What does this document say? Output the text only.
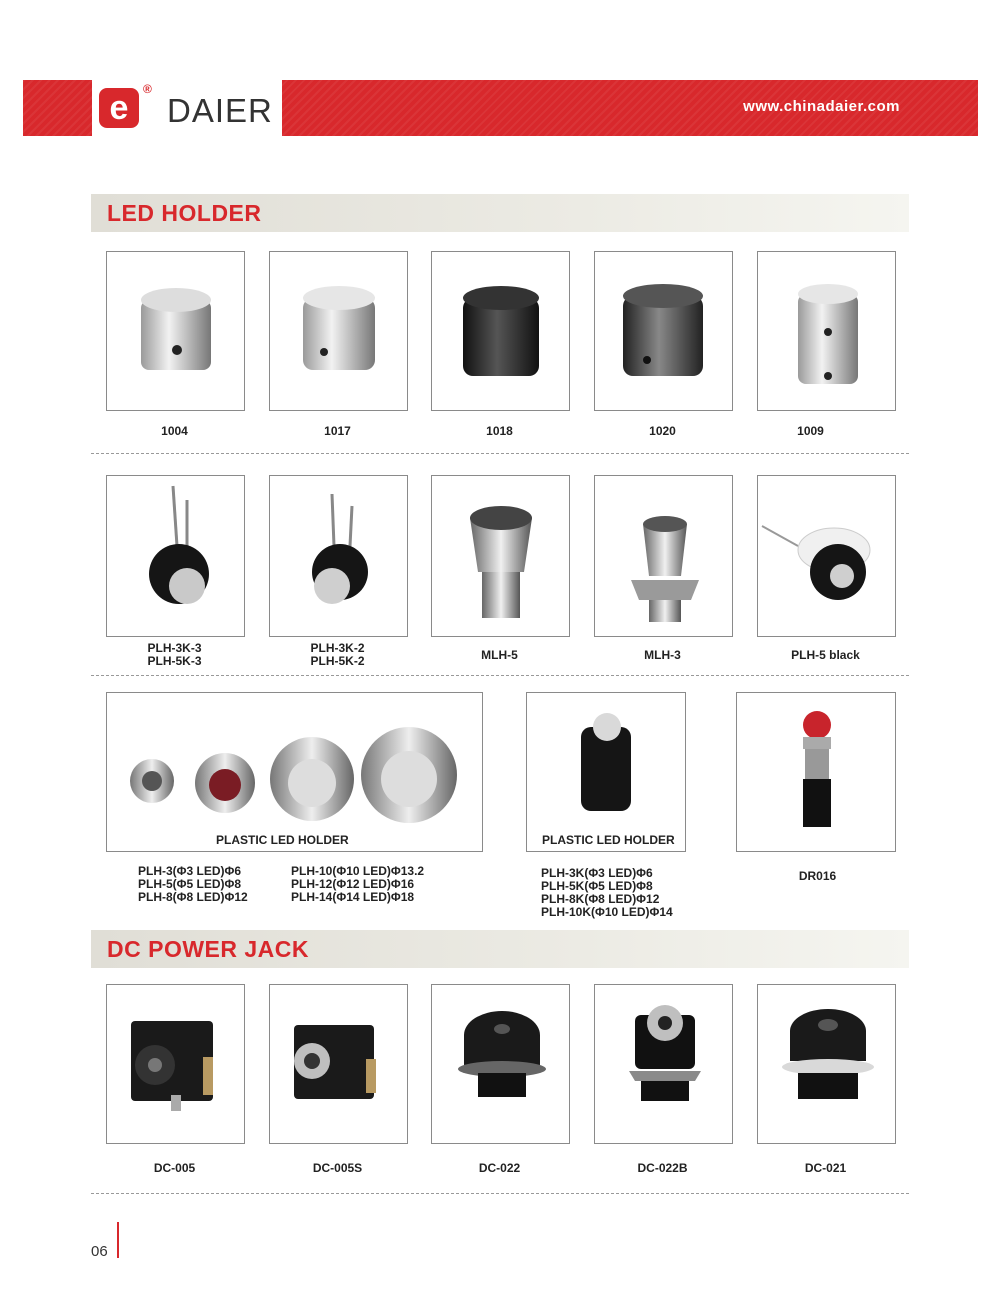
e	®
DAIER	www.chinadaier.com
LED HOLDER
1004	1017	1018	1020	1009
PLH-3K-3
PLH-5K-3
PLH-3K-2
PLH-5K-2	MLH-5	MLH-3	PLH-5 black
PLASTIC LED HOLDER	PLASTIC LED HOLDER
PLH-3(Φ3 LED)Φ6
PLH-5(Φ5 LED)Φ8
PLH-8(Φ8 LED)Φ12
PLH-10(Φ10 LED)Φ13.2
PLH-12(Φ12 LED)Φ16
PLH-14(Φ14 LED)Φ18
PLH-3K(Φ3 LED)Φ6
PLH-5K(Φ5 LED)Φ8
PLH-8K(Φ8 LED)Φ12
PLH-10K(Φ10 LED)Φ14
DR016
DC POWER JACK
DC-005	DC-005S	DC-022	DC-022B	DC-021
06
